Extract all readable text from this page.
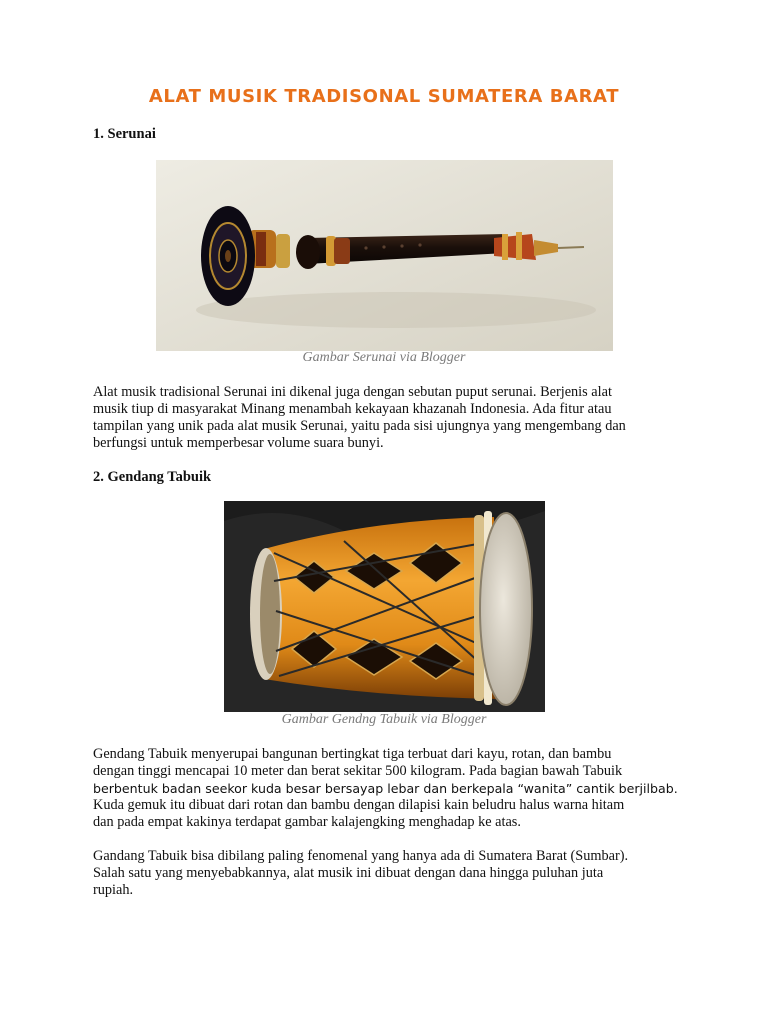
ALAT MUSIK TRADISONAL SUMATERA BARAT

1. Serunai

Gambar Serunai via Blogger

Alat musik tradisional Serunai ini dikenal juga dengan sebutan puput serunai. Berjenis alat
musik tiup di masyarakat Minang menambah kekayaan khazanah Indonesia. Ada fitur atau
tampilan yang unik pada alat musik Serunai, yaitu pada sisi ujungnya yang mengembang dan
berfungsi untuk memperbesar volume suara bunyi.

2. Gendang Tabuik

Gambar Gendng Tabuik via Blogger

Gendang Tabuik menyerupai bangunan bertingkat tiga terbuat dari kayu, rotan, dan bambu
dengan tinggi mencapai 10 meter dan berat sekitar 500 kilogram. Pada bagian bawah Tabuik
berbentuk badan seekor kuda besar bersayap lebar dan berkepala “wanita” cantik berjilbab.
Kuda gemuk itu dibuat dari rotan dan bambu dengan dilapisi kain beludru halus warna hitam
dan pada empat kakinya terdapat gambar kalajengking menghadap ke atas.
Gandang Tabuik bisa dibilang paling fenomenal yang hanya ada di Sumatera Barat (Sumbar).
Salah satu yang menyebabkannya, alat musik ini dibuat dengan dana hingga puluhan juta
rupiah.
